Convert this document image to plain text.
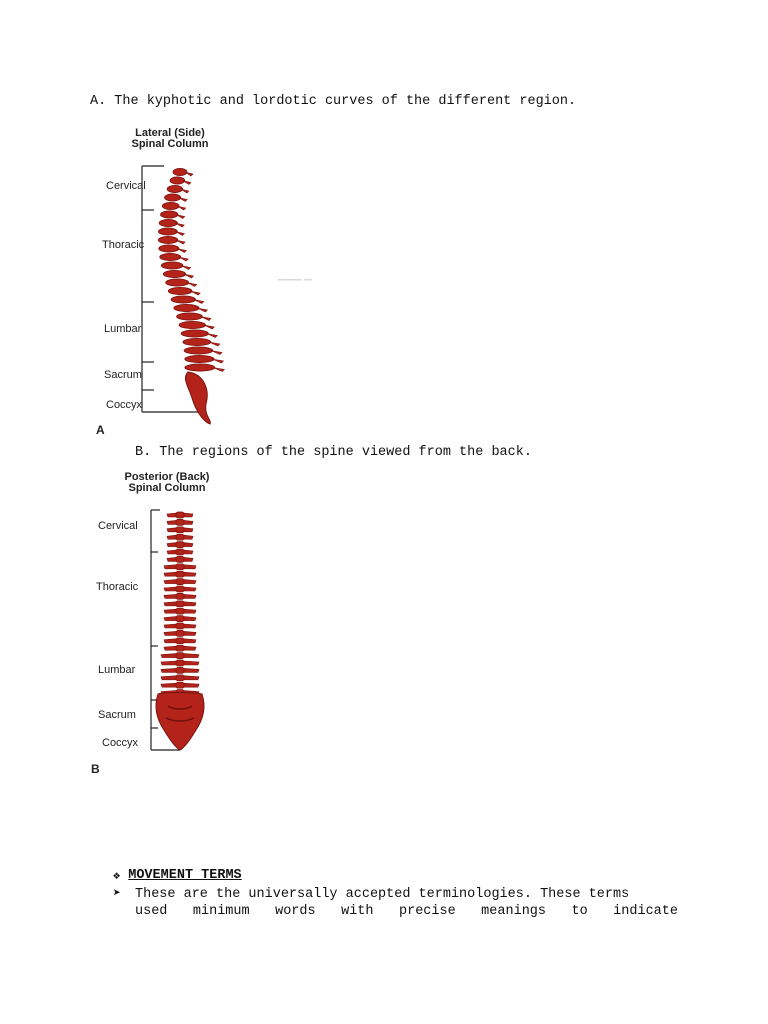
A. The kyphotic and lordotic curves of the different region.
▁▁▁ ▁
Lateral (Side)
Spinal Column
Cervical
Thoracic
Lumbar
Sacrum
Coccyx
A
B. The regions of the spine viewed from the back.
Posterior (Back)
Spinal Column
Cervical
Thoracic
Lumbar
Sacrum
Coccyx
B
❖ MOVEMENT TERMS
➤ These are the universally accepted terminologies. These terms
used minimum words with precise meanings to indicate
